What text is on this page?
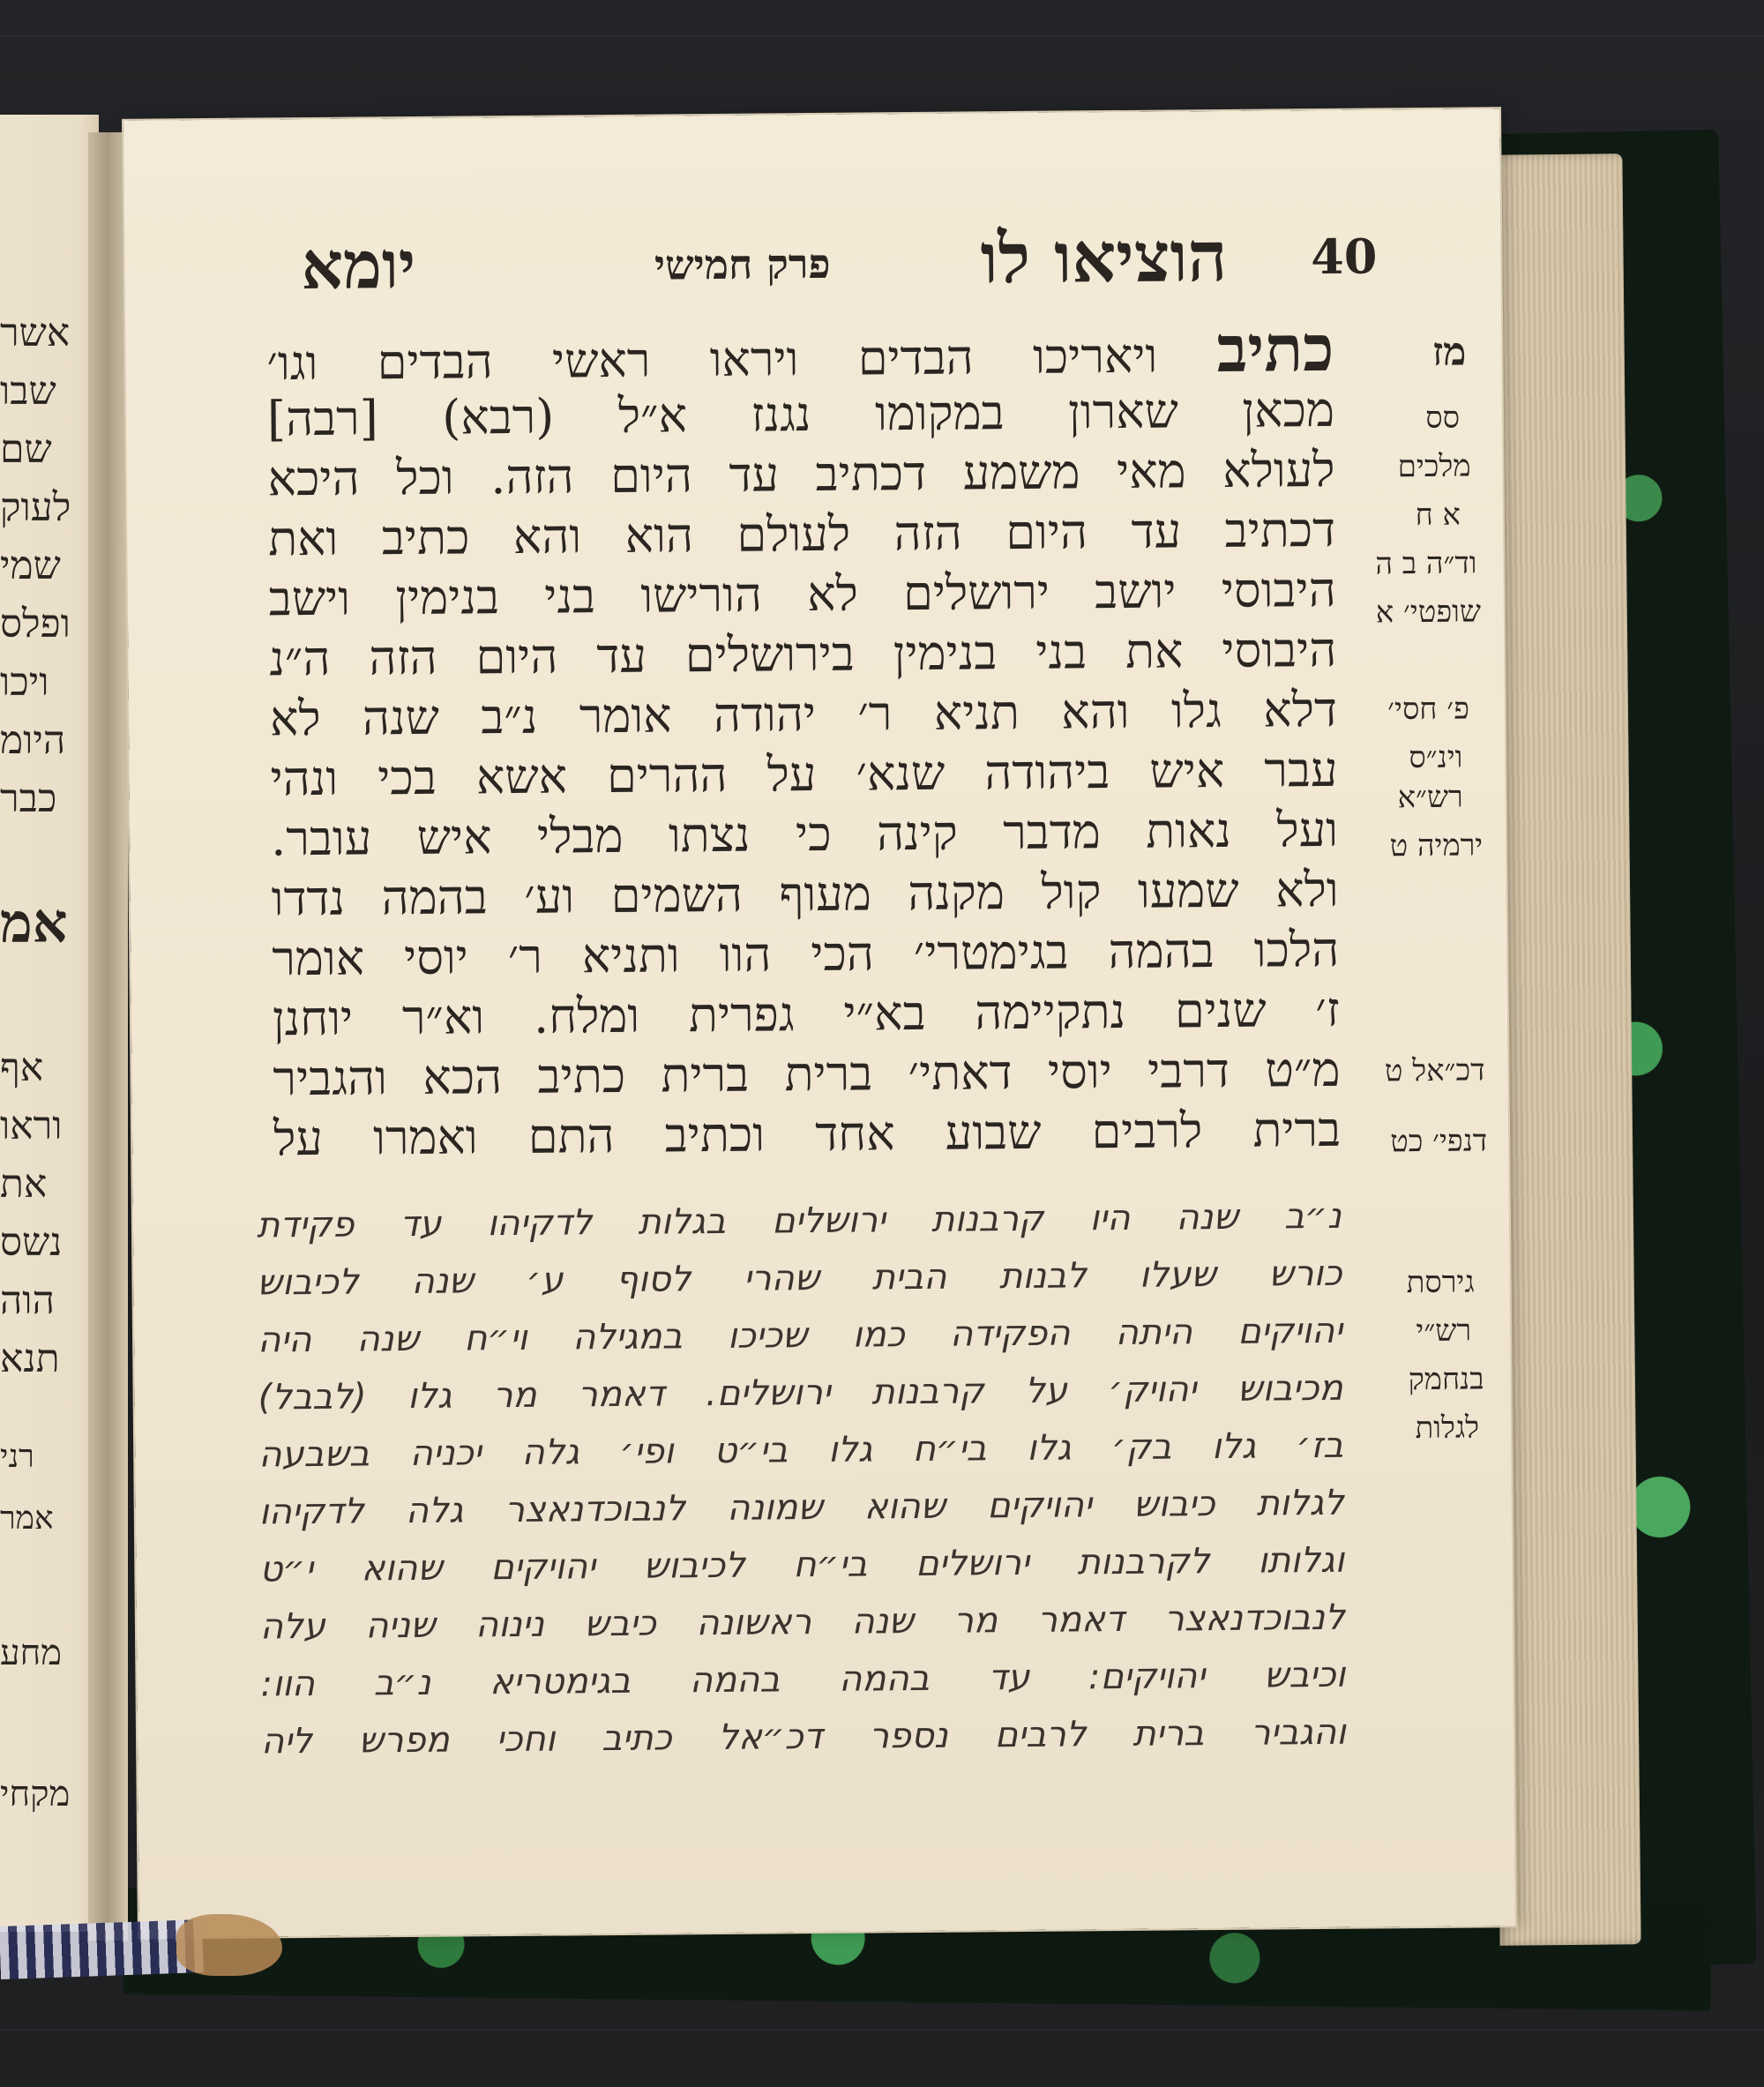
אשר
שבו
שם
לעוק
שמי
ופלס
ויכו
היומ
כבר
אמ
אף
וראו
את
נשס
הוה
תנא
רני
אמר
מחע
מקחי
40
הוציאו לו
פרק חמישי
יומא
מז
סס
מלכים
א ח
וד״ה ב ה
שופטי׳ א
פ׳ חסי׳
וינ״ס
רש״א
ירמיה ט
דכ״אל ט
דנפי׳ כט
כתיב ויאריכו הבדים ויראו ראשי הבדים וגו׳
מכאן שארון במקומו נגנז א״ל (רבא) [רבה]
לעולא מאי משמע דכתיב עד היום הזה. וכל היכא
דכתיב עד היום הזה לעולם הוא והא כתיב ואת
היבוסי יושב ירושלים לא הורישו בני בנימין וישב
היבוסי את בני בנימין בירושלים עד היום הזה ה״נ
דלא גלו והא תניא ר׳ יהודה אומר נ״ב שנה לא
עבר איש ביהודה שנא׳ על ההרים אשא בכי ונהי
ועל נאות מדבר קינה כי נצתו מבלי איש עובר.
ולא שמעו קול מקנה מעוף השמים וע׳ בהמה נדדו
הלכו בהמה בגימטרי׳ הכי הוו ותניא ר׳ יוסי אומר
ז׳ שנים נתקיימה בא״י גפרית ומלח. וא״ר יוחנן
מ״ט דרבי יוסי דאתי׳ ברית ברית כתיב הכא והגביר
ברית לרבים שבוע אחד וכתיב התם ואמרו על
גירסת
רש״י
בנחמק
לגלות
נ״ב שנה היו קרבנות ירושלים בגלות לדקיהו עד פקידת
כורש שעלו לבנות הבית שהרי לסוף ע׳ שנה לכיבוש
יהויקים היתה הפקידה כמו שכיכו במגילה וי״ח שנה היה
מכיבוש יהויק׳ על קרבנות ירושלים. דאמר מר גלו (לבבל)
בז׳ גלו בק׳ גלו בי״ח גלו בי״ט ופי׳ גלה יכניה בשבעה
לגלות כיבוש יהויקים שהוא שמונה לנבוכדנאצר גלה לדקיהו
וגלותו לקרבנות ירושלים בי״ח לכיבוש יהויקים שהוא י״ט
לנבוכדנאצר דאמר מר שנה ראשונה כיבש נינוה שניה עלה
וכיבש יהויקים: עד בהמה בהמה בגימטריא נ״ב הוו:
והגביר ברית לרבים נספר דכ״אל כתיב וחכי מפרש ליה
